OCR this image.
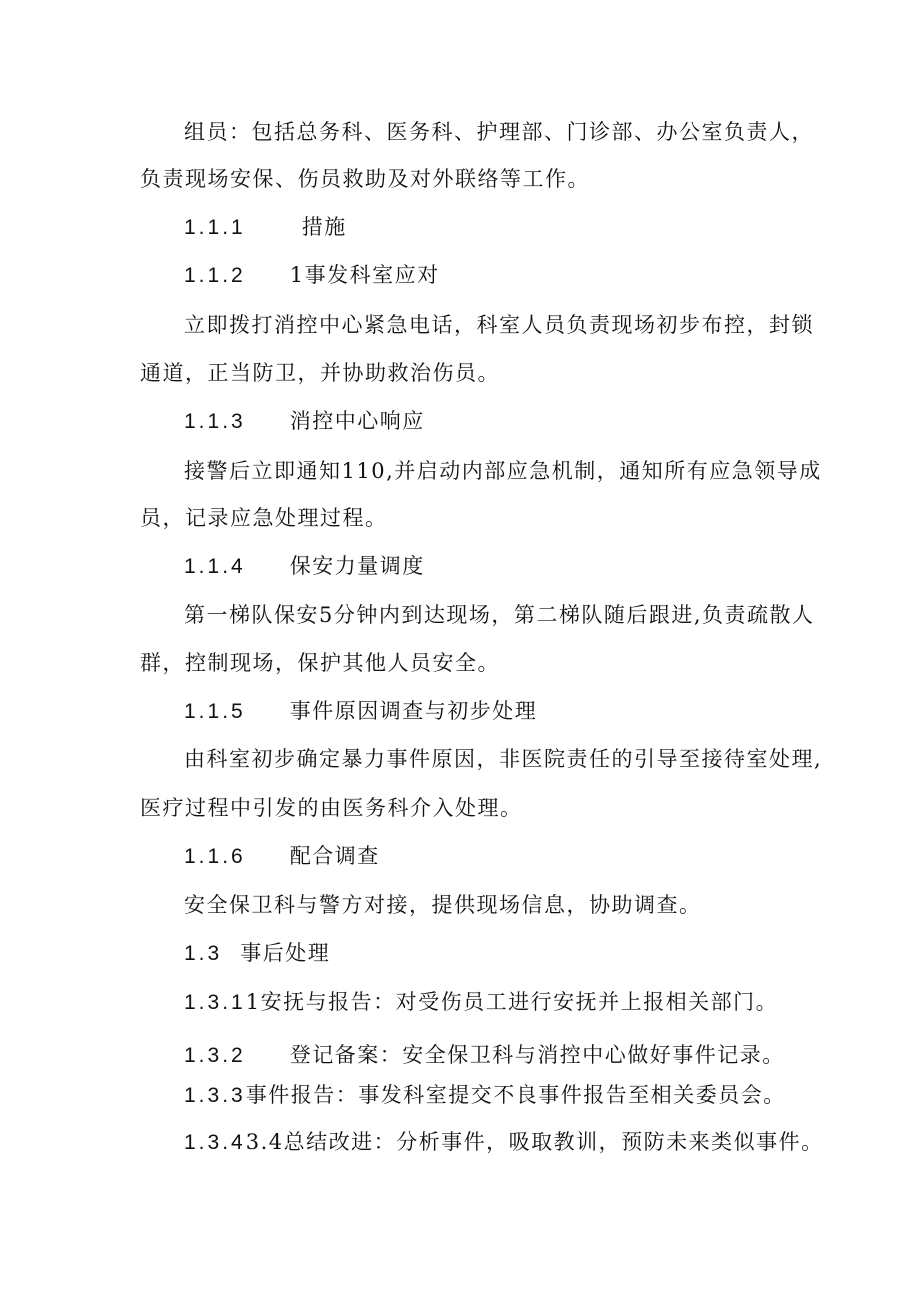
组员：包括总务科、医务科、护理部、门诊部、办公室负责人，
负责现场安保、伤员救助及对外联络等工作。
1.1.1	措施
1.1.2 1事发科室应对
立即拨打消控中心紧急电话，科室人员负责现场初步布控，封锁
通道，正当防卫，并协助救治伤员。
1.1.3 消控中心响应
接警后立即通知110,并启动内部应急机制，通知所有应急领导成
员，记录应急处理过程。
1.1.4 保安力量调度
第一梯队保安5分钟内到达现场，第二梯队随后跟进,负责疏散人
群，控制现场，保护其他人员安全。
1.1.5 事件原因调查与初步处理
由科室初步确定暴力事件原因，非医院责任的引导至接待室处理,
医疗过程中引发的由医务科介入处理。
1.1.6 配合调查
安全保卫科与警方对接，提供现场信息，协助调查。
1.3 事后处理
1.3.11安抚与报告：对受伤员工进行安抚并上报相关部门。
1.3.2 登记备案：安全保卫科与消控中心做好事件记录。
1.3.3事件报告：事发科室提交不良事件报告至相关委员会。
1.3.43.4总结改进：分析事件，吸取教训，预防未来类似事件。
